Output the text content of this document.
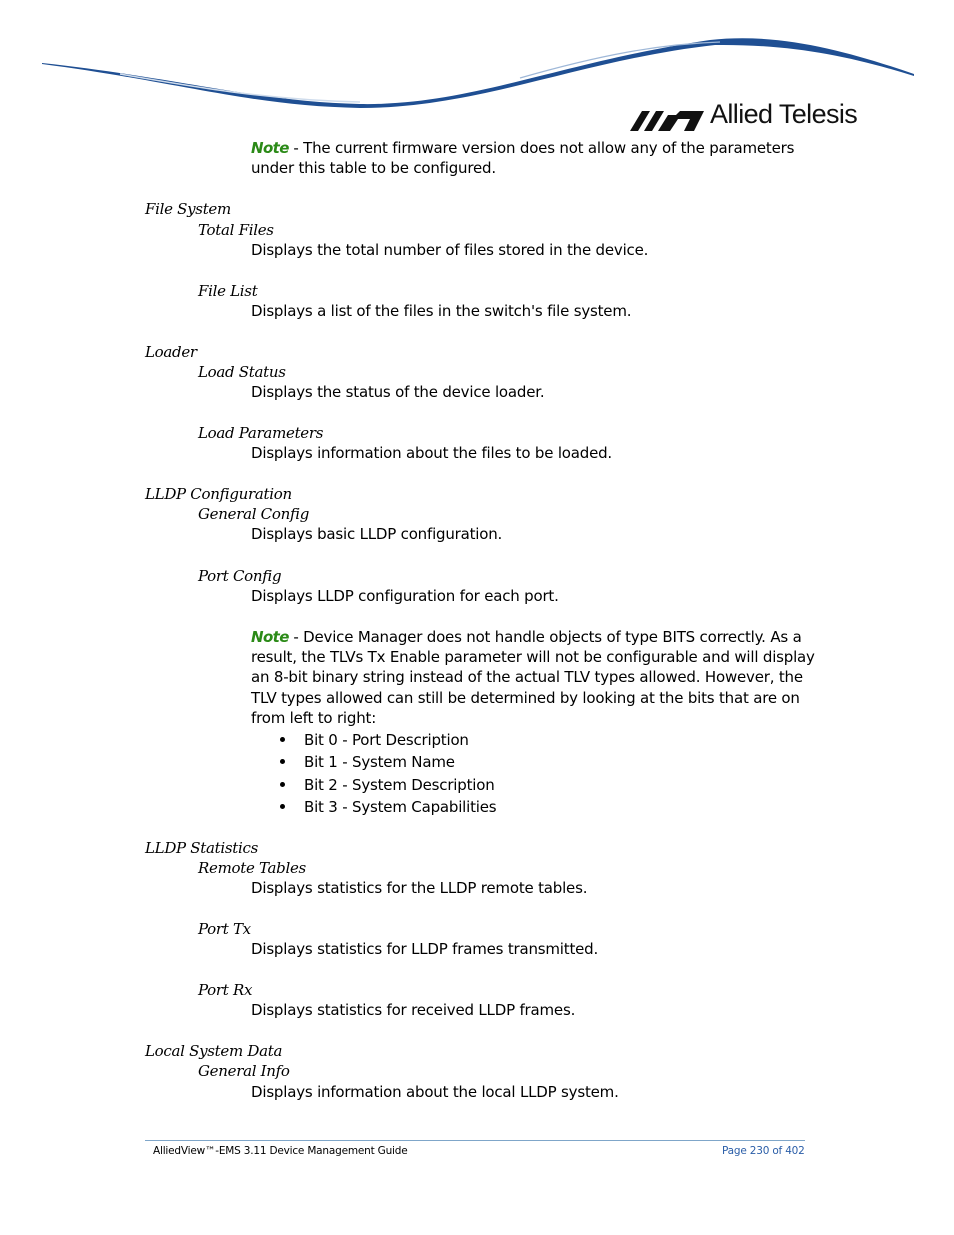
Allied Telesis
Note - The current firmware version does not allow any of the parameters
under this table to be configured.
File System
Total Files
Displays the total number of files stored in the device.
File List
Displays a list of the files in the switch's file system.
Loader
Load Status
Displays the status of the device loader.
Load Parameters
Displays information about the files to be loaded.
LLDP Configuration
General Config
Displays basic LLDP configuration.
Port Config
Displays LLDP configuration for each port.
Note - Device Manager does not handle objects of type BITS correctly. As a
result, the TLVs Tx Enable parameter will not be configurable and will display
an 8-bit binary string instead of the actual TLV types allowed. However, the
TLV types allowed can still be determined by looking at the bits that are on
from left to right:
Bit 0 - Port Description
Bit 1 - System Name
Bit 2 - System Description
Bit 3 - System Capabilities
LLDP Statistics
Remote Tables
Displays statistics for the LLDP remote tables.
Port Tx
Displays statistics for LLDP frames transmitted.
Port Rx
Displays statistics for received LLDP frames.
Local System Data
General Info
Displays information about the local LLDP system.
AlliedView™-EMS 3.11 Device Management Guide	Page 230 of 402
